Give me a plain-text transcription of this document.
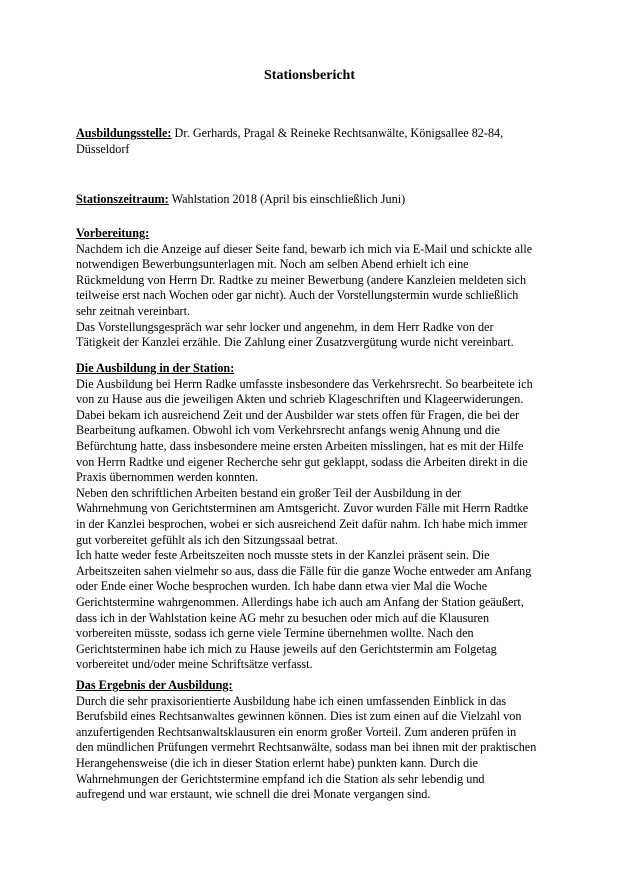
Stationsbericht
Ausbildungsstelle: Dr. Gerhards, Pragal & Reineke Rechtsanwälte, Königsallee 82-84,
Düsseldorf
Stationszeitraum: Wahlstation 2018 (April bis einschließlich Juni)
Vorbereitung:
Nachdem ich die Anzeige auf dieser Seite fand, bewarb ich mich via E-Mail und schickte alle
notwendigen Bewerbungsunterlagen mit. Noch am selben Abend erhielt ich eine
Rückmeldung von Herrn Dr. Radtke zu meiner Bewerbung (andere Kanzleien meldeten sich
teilweise erst nach Wochen oder gar nicht). Auch der Vorstellungstermin wurde schließlich
sehr zeitnah vereinbart.
Das Vorstellungsgespräch war sehr locker und angenehm, in dem Herr Radke von der
Tätigkeit der Kanzlei erzähle. Die Zahlung einer Zusatzvergütung wurde nicht vereinbart.
Die Ausbildung in der Station:
Die Ausbildung bei Herrn Radke umfasste insbesondere das Verkehrsrecht. So bearbeitete ich
von zu Hause aus die jeweiligen Akten und schrieb Klageschriften und Klageerwiderungen.
Dabei bekam ich ausreichend Zeit und der Ausbilder war stets offen für Fragen, die bei der
Bearbeitung aufkamen. Obwohl ich vom Verkehrsrecht anfangs wenig Ahnung und die
Befürchtung hatte, dass insbesondere meine ersten Arbeiten misslingen, hat es mit der Hilfe
von Herrn Radtke und eigener Recherche sehr gut geklappt, sodass die Arbeiten direkt in die
Praxis übernommen werden konnten.
Neben den schriftlichen Arbeiten bestand ein großer Teil der Ausbildung in der
Wahrnehmung von Gerichtsterminen am Amtsgericht. Zuvor wurden Fälle mit Herrn Radtke
in der Kanzlei besprochen, wobei er sich ausreichend Zeit dafür nahm. Ich habe mich immer
gut vorbereitet gefühlt als ich den Sitzungssaal betrat.
Ich hatte weder feste Arbeitszeiten noch musste stets in der Kanzlei präsent sein. Die
Arbeitszeiten sahen vielmehr so aus, dass die Fälle für die ganze Woche entweder am Anfang
oder Ende einer Woche besprochen wurden. Ich habe dann etwa vier Mal die Woche
Gerichtstermine wahrgenommen. Allerdings habe ich auch am Anfang der Station geäußert,
dass ich in der Wahlstation keine AG mehr zu besuchen oder mich auf die Klausuren
vorbereiten müsste, sodass ich gerne viele Termine übernehmen wollte. Nach den
Gerichtsterminen habe ich mich zu Hause jeweils auf den Gerichtstermin am Folgetag
vorbereitet und/oder meine Schriftsätze verfasst.
Das Ergebnis der Ausbildung:
Durch die sehr praxisorientierte Ausbildung habe ich einen umfassenden Einblick in das
Berufsbild eines Rechtsanwaltes gewinnen können. Dies ist zum einen auf die Vielzahl von
anzufertigenden Rechtsanwaltsklausuren ein enorm großer Vorteil. Zum anderen prüfen in
den mündlichen Prüfungen vermehrt Rechtsanwälte, sodass man bei ihnen mit der praktischen
Herangehensweise (die ich in dieser Station erlernt habe) punkten kann. Durch die
Wahrnehmungen der Gerichtstermine empfand ich die Station als sehr lebendig und
aufregend und war erstaunt, wie schnell die drei Monate vergangen sind.
